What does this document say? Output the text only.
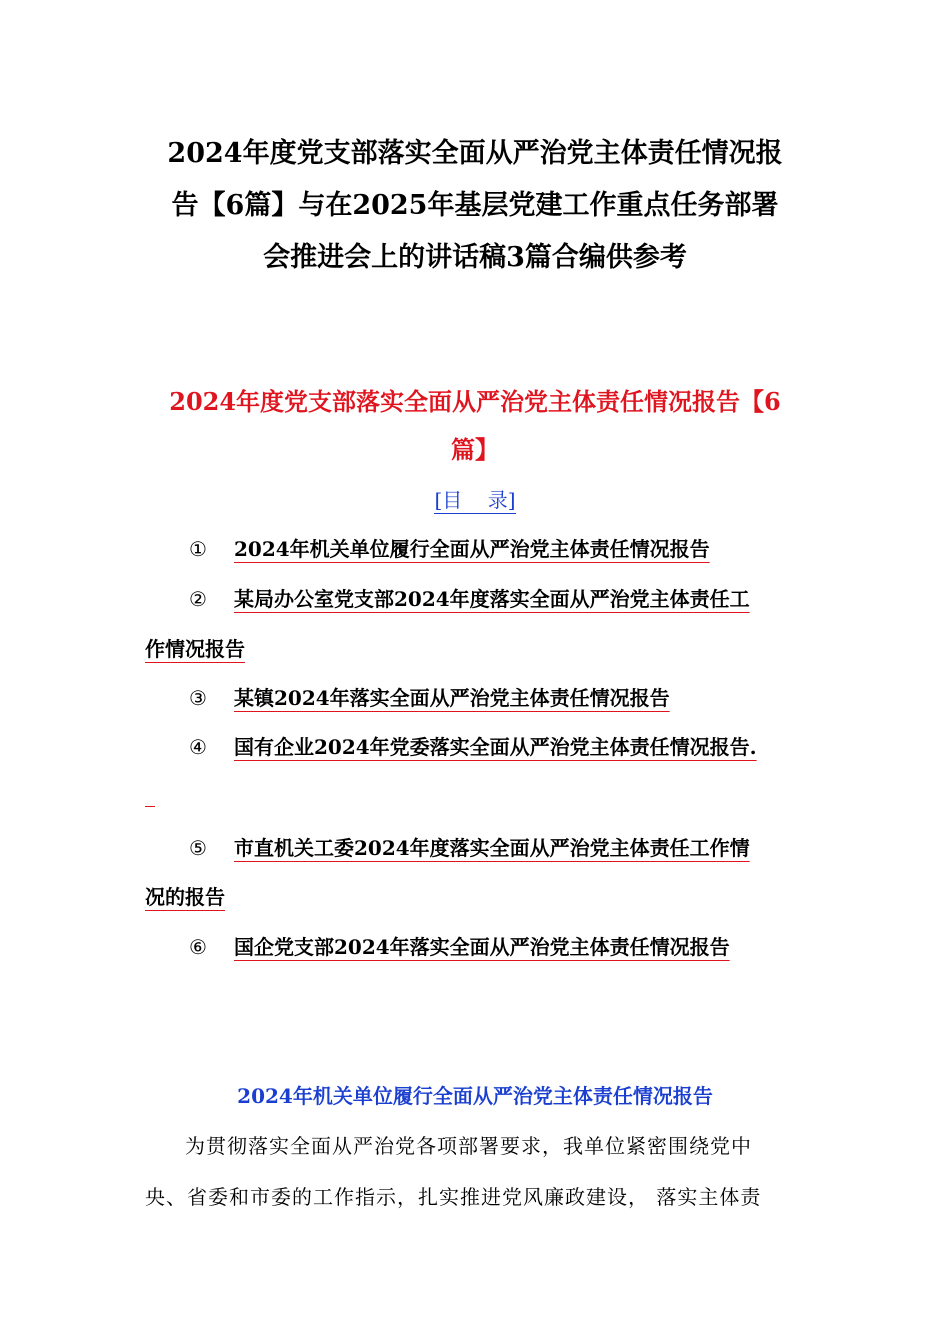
2024年度党支部落实全面从严治党主体责任情况报
告【6篇】与在2025年基层党建工作重点任务部署
会推进会上的讲话稿3篇合编供参考
2024年度党支部落实全面从严治党主体责任情况报告【6
篇】
[目    录]
①	2024年机关单位履行全面从严治党主体责任情况报告
②	某局办公室党支部2024年度落实全面从严治党主体责任工
作情况报告
③	某镇2024年落实全面从严治党主体责任情况报告
④	国有企业2024年党委落实全面从严治党主体责任情况报告.
⑤	市直机关工委2024年度落实全面从严治党主体责任工作情
况的报告
⑥	国企党支部2024年落实全面从严治党主体责任情况报告
2024年机关单位履行全面从严治党主体责任情况报告
为贯彻落实全面从严治党各项部署要求，我单位紧密围绕党中
央、省委和市委的工作指示，扎实推进党风廉政建设， 落实主体责
